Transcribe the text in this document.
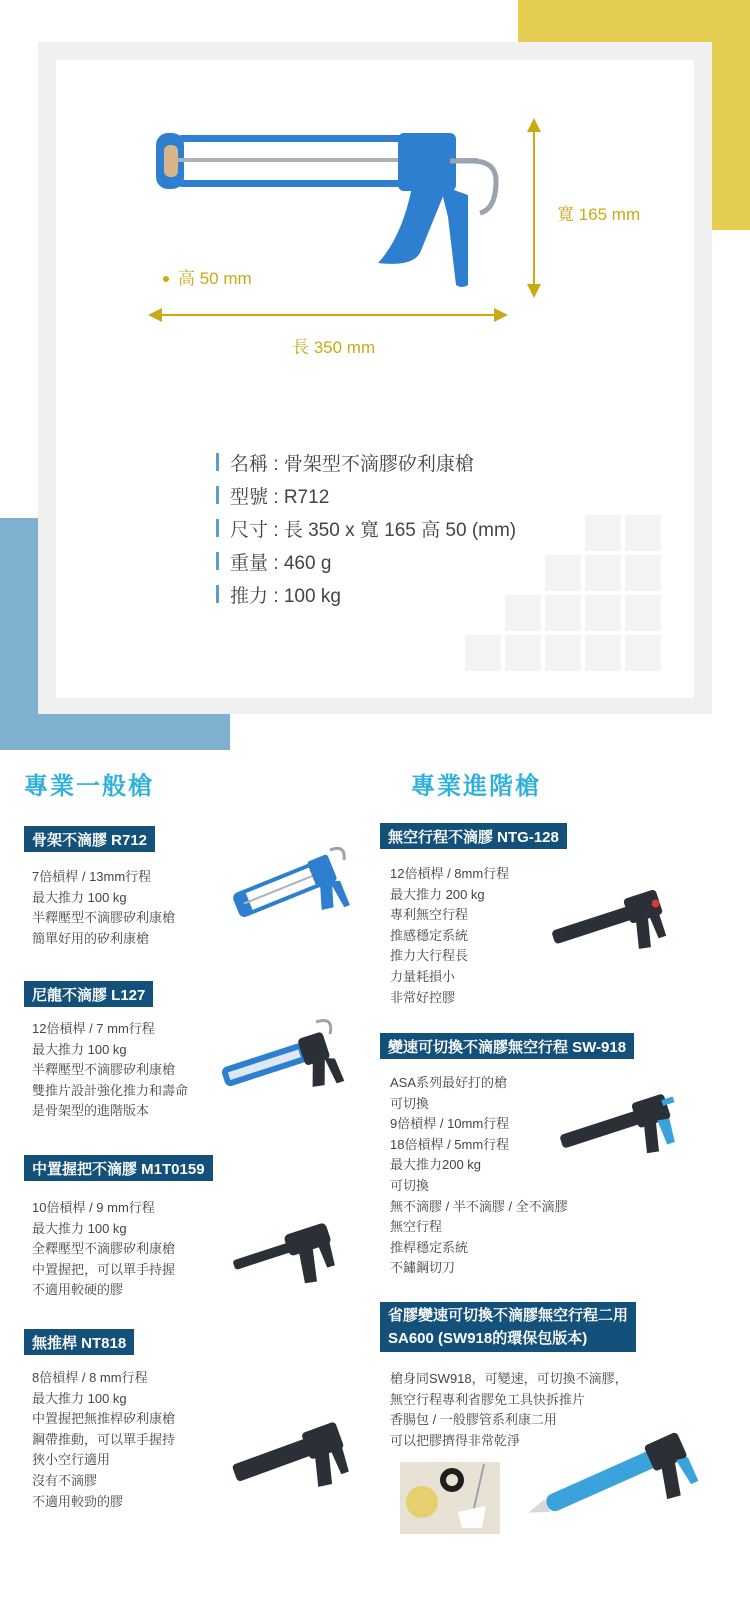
寬 165 mm
高 50 mm
長 350 mm
名稱 : 骨架型不滴膠矽利康槍
型號 : R712
尺寸 : 長 350 x 寬 165 高 50 (mm)
重量 : 460 g
推力 : 100 kg
專業一般槍	專業進階槍
骨架不滴膠 R712
7倍槓桿 / 13mm行程
最大推力 100 kg
半釋壓型不滴膠矽利康槍
簡單好用的矽利康槍
尼龍不滴膠 L127
12倍槓桿 / 7 mm行程
最大推力 100 kg
半釋壓型不滴膠矽利康槍
雙推片設計強化推力和壽命
是骨架型的進階版本
中置握把不滴膠 M1T0159
10倍槓桿 / 9 mm行程
最大推力 100 kg
全釋壓型不滴膠矽利康槍
中置握把，可以單手持握
不適用較硬的膠
無推桿 NT818
8倍槓桿 / 8 mm行程
最大推力 100 kg
中置握把無推桿矽利康槍
鋼帶推動，可以單手握持
狹小空行適用
沒有不滴膠
不適用較勁的膠
無空行程不滴膠 NTG-128
12倍槓桿 / 8mm行程
最大推力 200 kg
專利無空行程
推感穩定系統
推力大行程長
力量耗損小
非常好控膠
變速可切換不滴膠無空行程 SW-918
ASA系列最好打的槍
可切換
9倍槓桿 / 10mm行程
18倍槓桿 / 5mm行程
最大推力200 kg
可切換
無不滴膠 / 半不滴膠 / 全不滴膠
無空行程
推桿穩定系統
不鏽鋼切刀
省膠變速可切換不滴膠無空行程二用
SA600 (SW918的環保包版本)
槍身同SW918，可變速，可切換不滴膠，
無空行程專利省膠免工具快拆推片
香腸包 / 一般膠管系利康二用
可以把膠擠得非常乾淨
